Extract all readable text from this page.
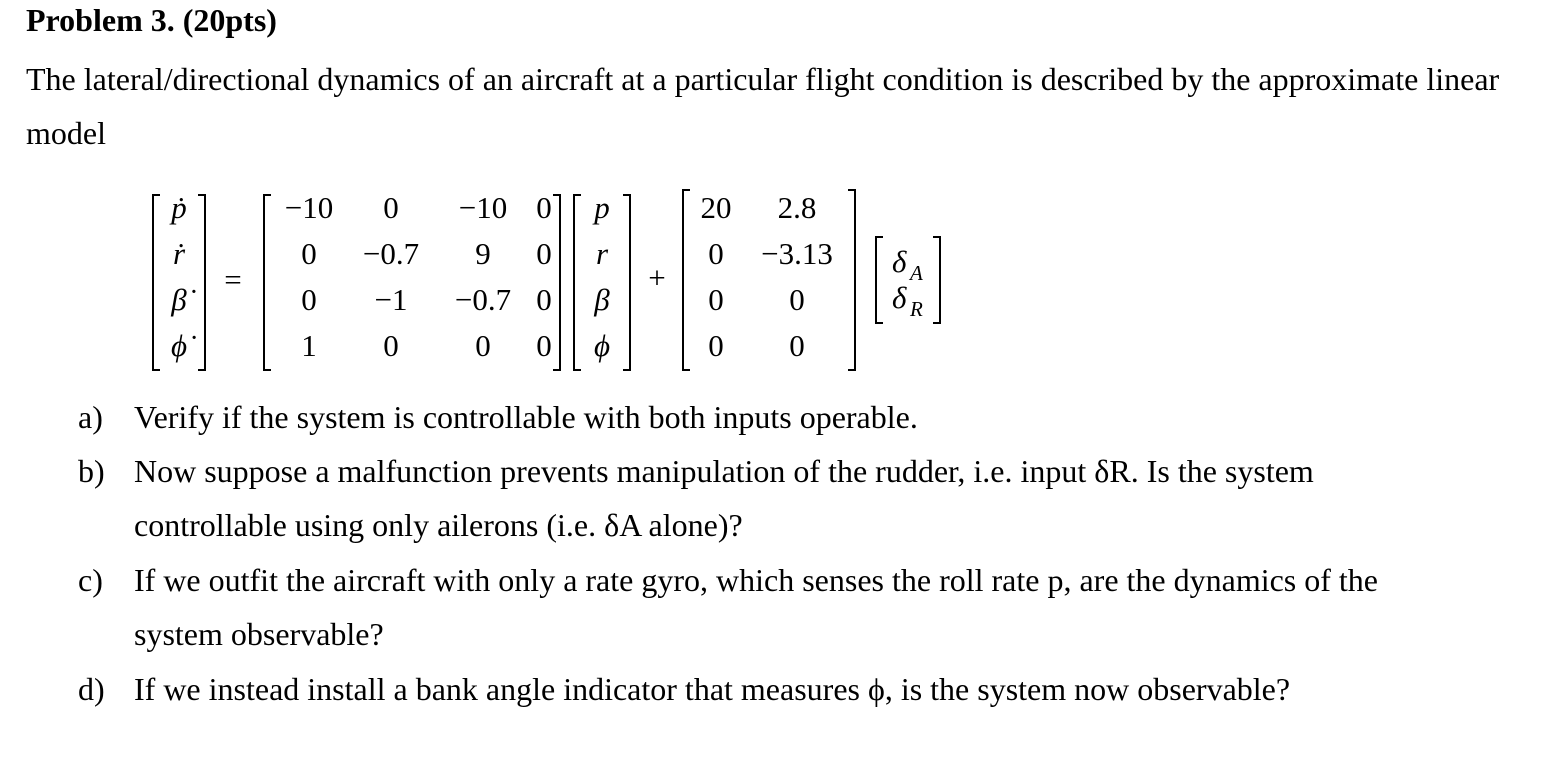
Problem 3. (20pts)
The lateral/directional dynamics of an aircraft at a particular flight condition is described by the approximate linear model
ṗ
ṙ
β̇
ϕ̇
=
−10 0 −10 0
0 −0.7 9 0
0 −1 −0.7 0
1 0 0 0
p
r
β
ϕ
+
20 2.8
0 −3.13
0 0
0 0
δ A
δ R
a) Verify if the system is controllable with both inputs operable.
b) Now suppose a malfunction prevents manipulation of the rudder, i.e. input δR. Is the system controllable using only ailerons (i.e. δA alone)?
c) If we outfit the aircraft with only a rate gyro, which senses the roll rate p, are the dynamics of the system observable?
d) If we instead install a bank angle indicator that measures ϕ, is the system now observable?
